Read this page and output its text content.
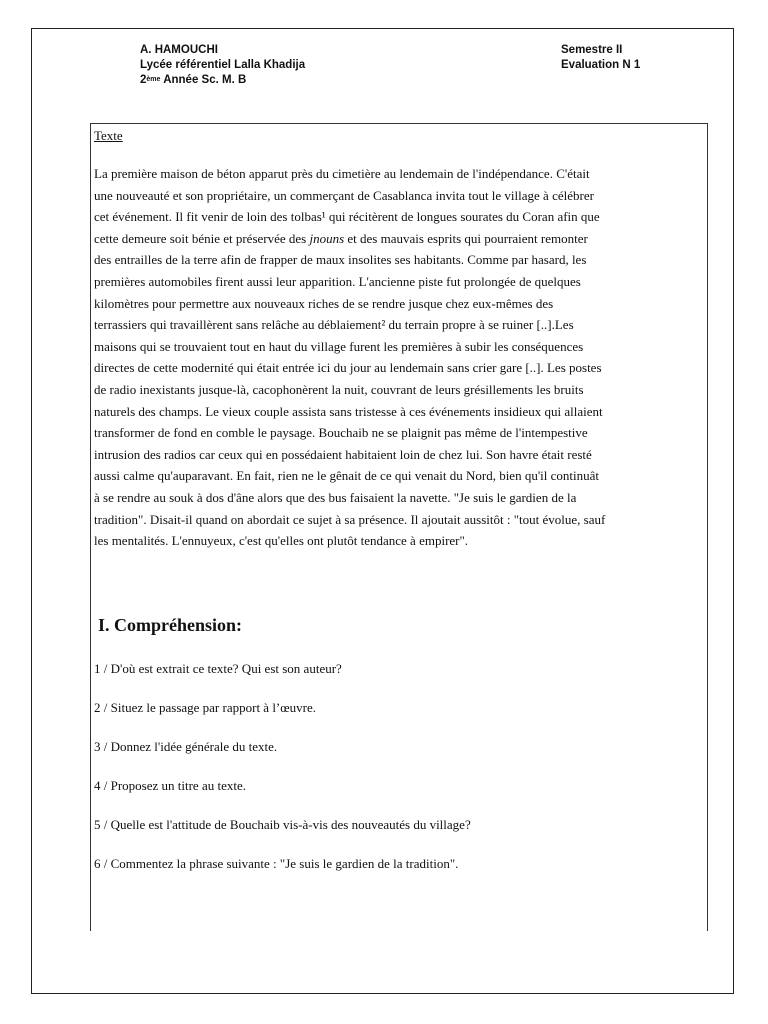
A. HAMOUCHI
Lycée référentiel Lalla Khadija
2ème Année Sc. M. B
Semestre II
Evaluation N 1
Texte
La première maison de béton apparut près du cimetière au lendemain de l'indépendance. C'était
une nouveauté et son propriétaire, un commerçant de Casablanca invita tout le village à célébrer
cet événement. Il fit venir de loin des tolbas¹ qui récitèrent de longues sourates du Coran afin que
cette demeure soit bénie et préservée des jnouns et des mauvais esprits qui pourraient remonter
des entrailles de la terre afin de frapper de maux insolites ses habitants. Comme par hasard, les
premières automobiles firent aussi leur apparition. L'ancienne piste fut prolongée de quelques
kilomètres pour permettre aux nouveaux riches de se rendre jusque chez eux-mêmes des
terrassiers qui travaillèrent sans relâche au déblaiement² du terrain propre à se ruiner [..].Les
maisons qui se trouvaient tout en haut du village furent les premières à subir les conséquences
directes de cette modernité qui était entrée ici du jour au lendemain sans crier gare [..]. Les postes
de radio inexistants jusque-là, cacophonèrent la nuit, couvrant de leurs grésillements les bruits
naturels des champs. Le vieux couple assista sans tristesse à ces événements insidieux qui allaient
transformer de fond en comble le paysage. Bouchaib ne se plaignit pas même de l'intempestive
intrusion des radios car ceux qui en possédaient habitaient loin de chez lui. Son havre était resté
aussi calme qu'auparavant. En fait, rien ne le gênait de ce qui venait du Nord, bien qu'il continuât
à se rendre au souk à dos d'âne alors que des bus faisaient la navette. "Je suis le gardien de la
tradition". Disait-il quand on abordait ce sujet à sa présence. Il ajoutait aussitôt : "tout évolue, sauf
les mentalités. L'ennuyeux, c'est qu'elles ont plutôt tendance à empirer".
I. Compréhension:
1 / D'où est extrait ce texte? Qui est son auteur?
2 / Situez le passage par rapport à l’œuvre.
3 / Donnez l'idée générale du texte.
4 / Proposez un titre au texte.
5 / Quelle est l'attitude de Bouchaib vis-à-vis des nouveautés du village?
6 / Commentez la phrase suivante : "Je suis le gardien de la tradition".
